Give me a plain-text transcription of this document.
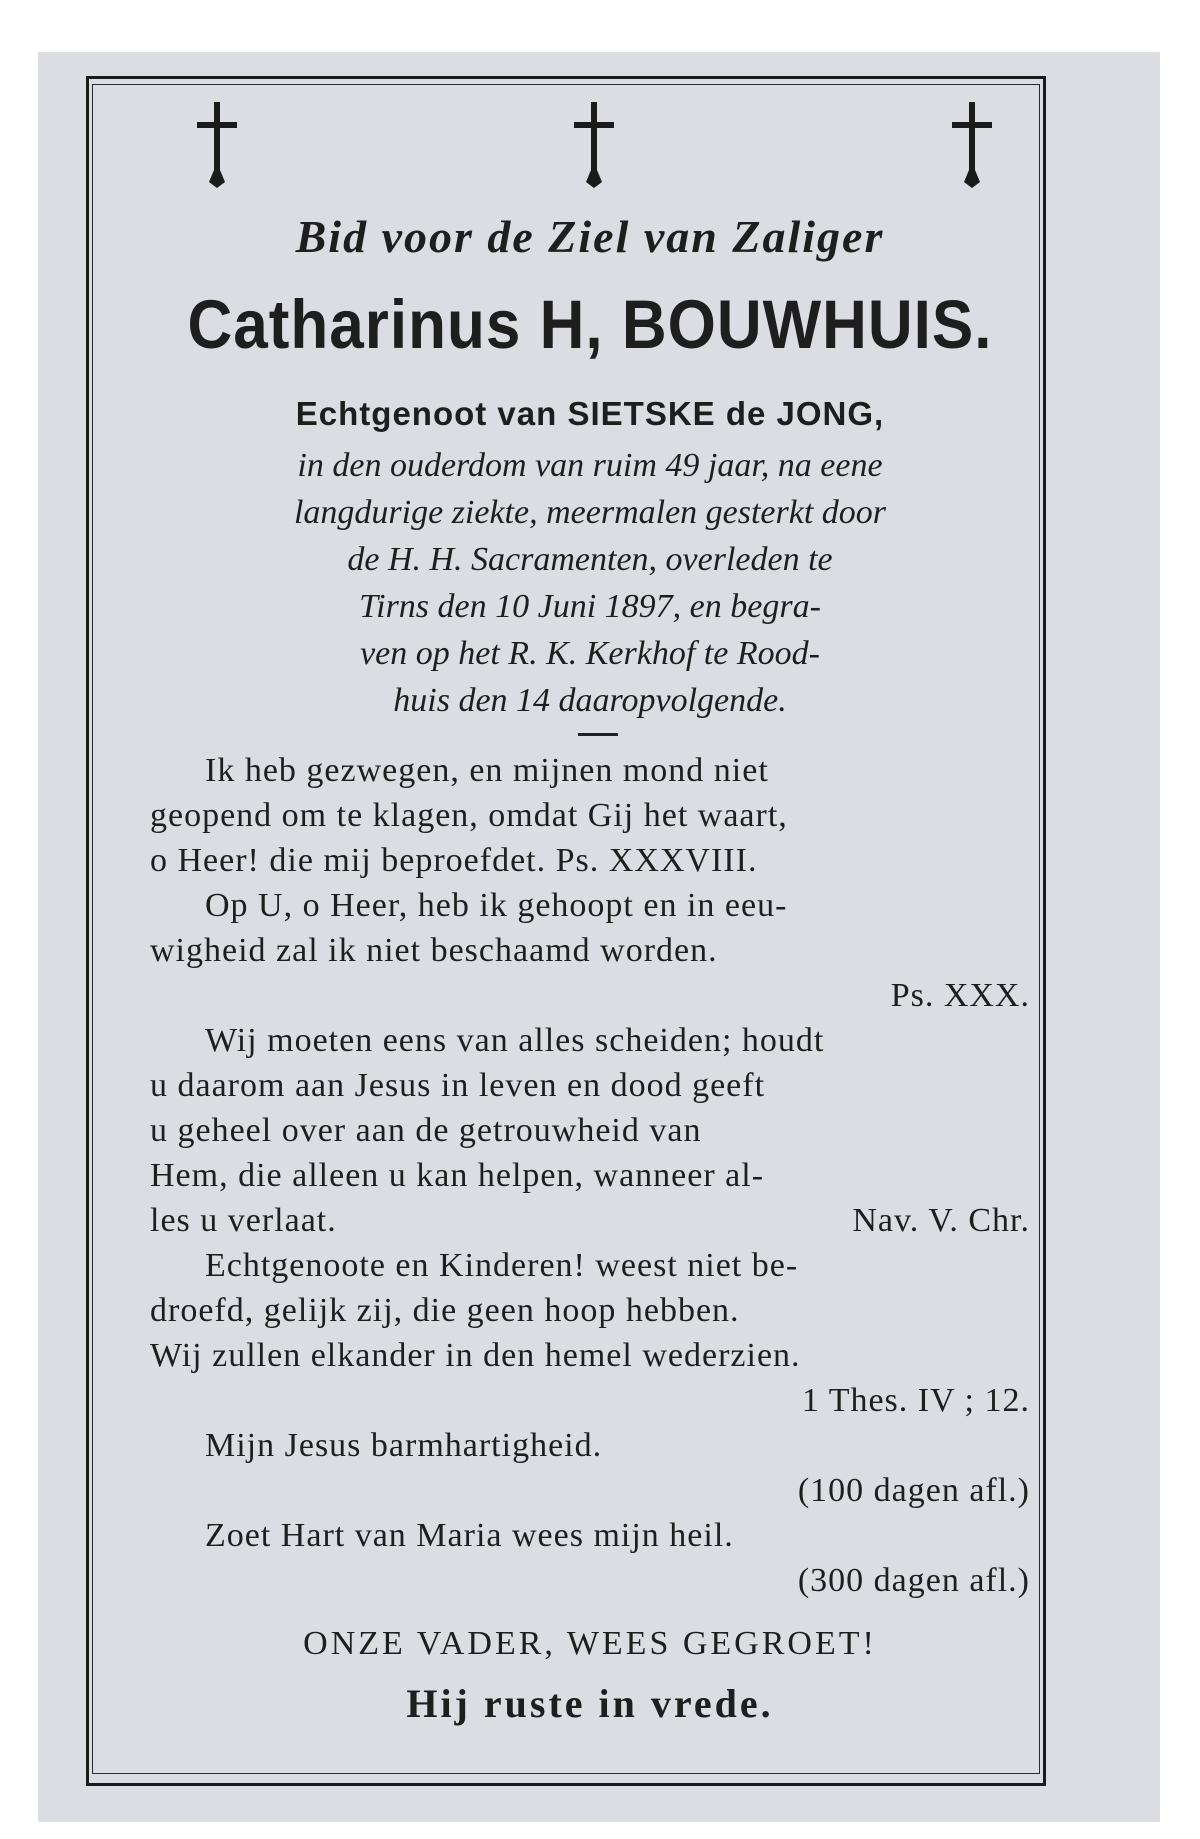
Bid voor de Ziel van Zaliger
Catharinus H, BOUWHUIS.
Echtgenoot van SIETSKE de JONG,
in den ouderdom van ruim 49 jaar, na eene
langdurige ziekte, meermalen gesterkt door
de H. H. Sacramenten, overleden te
Tirns den 10 Juni 1897, en begra-
ven op het R. K. Kerkhof te Rood-
huis den 14 daaropvolgende.
Ik heb gezwegen, en mijnen mond niet
geopend om te klagen, omdat Gij het waart,
o Heer! die mij beproefdet. Ps. XXXVIII.
Op U, o Heer, heb ik gehoopt en in eeu-
wigheid zal ik niet beschaamd worden.
Ps. XXX.
Wij moeten eens van alles scheiden; houdt
u daarom aan Jesus in leven en dood geeft
u geheel over aan de getrouwheid van
Hem, die alleen u kan helpen, wanneer al-
les u verlaat.	Nav. V. Chr.
Echtgenoote en Kinderen! weest niet be-
droefd, gelijk zij, die geen hoop hebben.
Wij zullen elkander in den hemel wederzien.
1 Thes. IV ; 12.
Mijn Jesus barmhartigheid.
(100 dagen afl.)
Zoet Hart van Maria wees mijn heil.
(300 dagen afl.)
ONZE VADER, WEES GEGROET!
Hij ruste in vrede.
